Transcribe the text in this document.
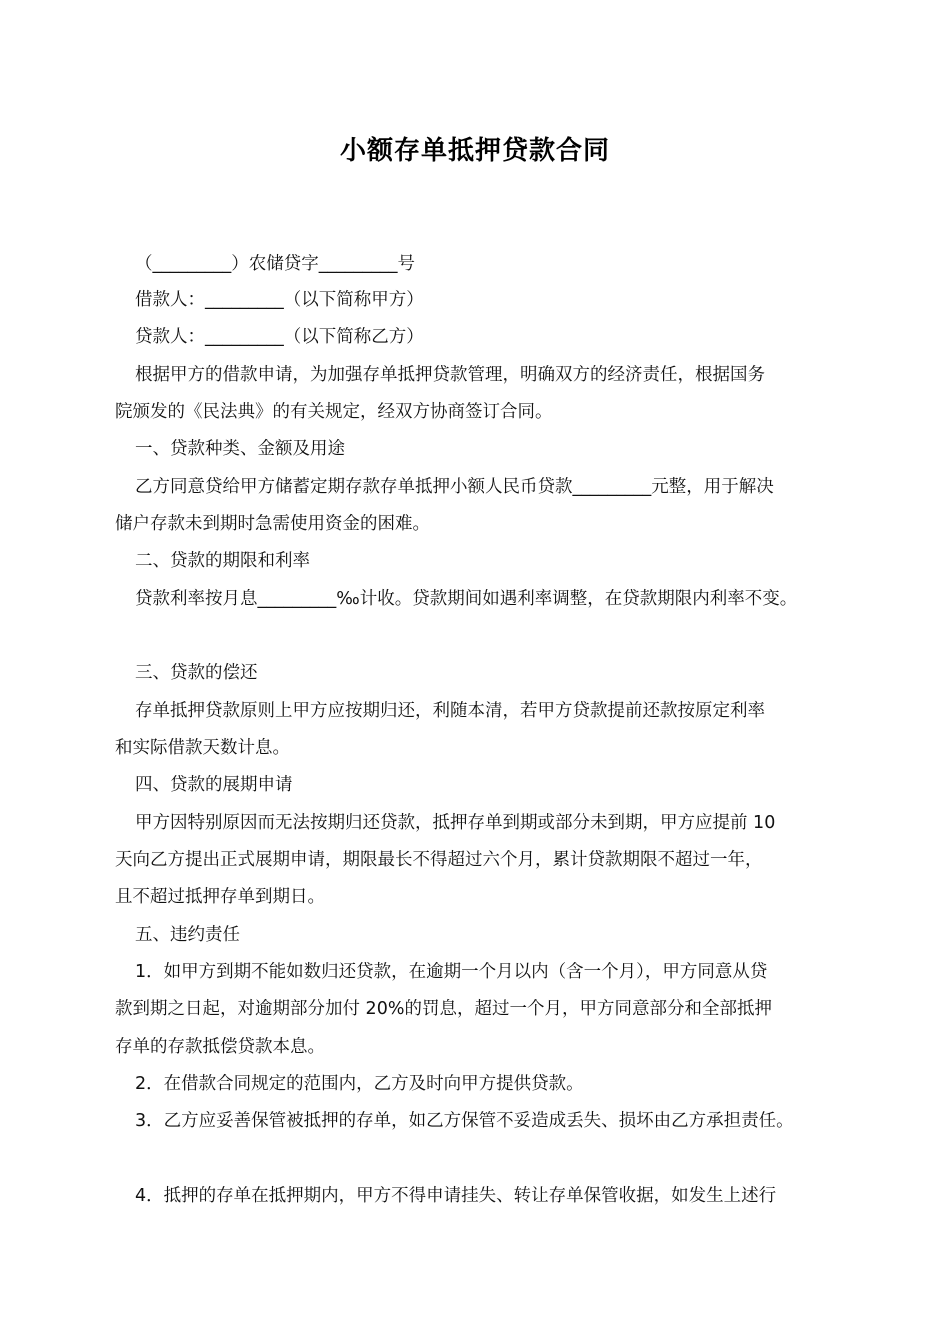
小额存单抵押贷款合同
（_________）农储贷字_________号
借款人：_________（以下简称甲方）
贷款人：_________（以下简称乙方）
根据甲方的借款申请，为加强存单抵押贷款管理，明确双方的经济责任，根据国务
院颁发的《民法典》的有关规定，经双方协商签订合同。
一、贷款种类、金额及用途
乙方同意贷给甲方储蓄定期存款存单抵押小额人民币贷款_________元整，用于解决
储户存款未到期时急需使用资金的困难。
二、贷款的期限和利率
贷款利率按月息_________‰计收。贷款期间如遇利率调整，在贷款期限内利率不变。
三、贷款的偿还
存单抵押贷款原则上甲方应按期归还，利随本清，若甲方贷款提前还款按原定利率
和实际借款天数计息。
四、贷款的展期申请
甲方因特别原因而无法按期归还贷款，抵押存单到期或部分未到期，甲方应提前 10
天向乙方提出正式展期申请，期限最长不得超过六个月，累计贷款期限不超过一年，
且不超过抵押存单到期日。
五、违约责任
1．如甲方到期不能如数归还贷款，在逾期一个月以内（含一个月），甲方同意从贷
款到期之日起，对逾期部分加付 20%的罚息，超过一个月，甲方同意部分和全部抵押
存单的存款抵偿贷款本息。
2．在借款合同规定的范围内，乙方及时向甲方提供贷款。
3．乙方应妥善保管被抵押的存单，如乙方保管不妥造成丢失、损坏由乙方承担责任。
4．抵押的存单在抵押期内，甲方不得申请挂失、转让存单保管收据，如发生上述行
